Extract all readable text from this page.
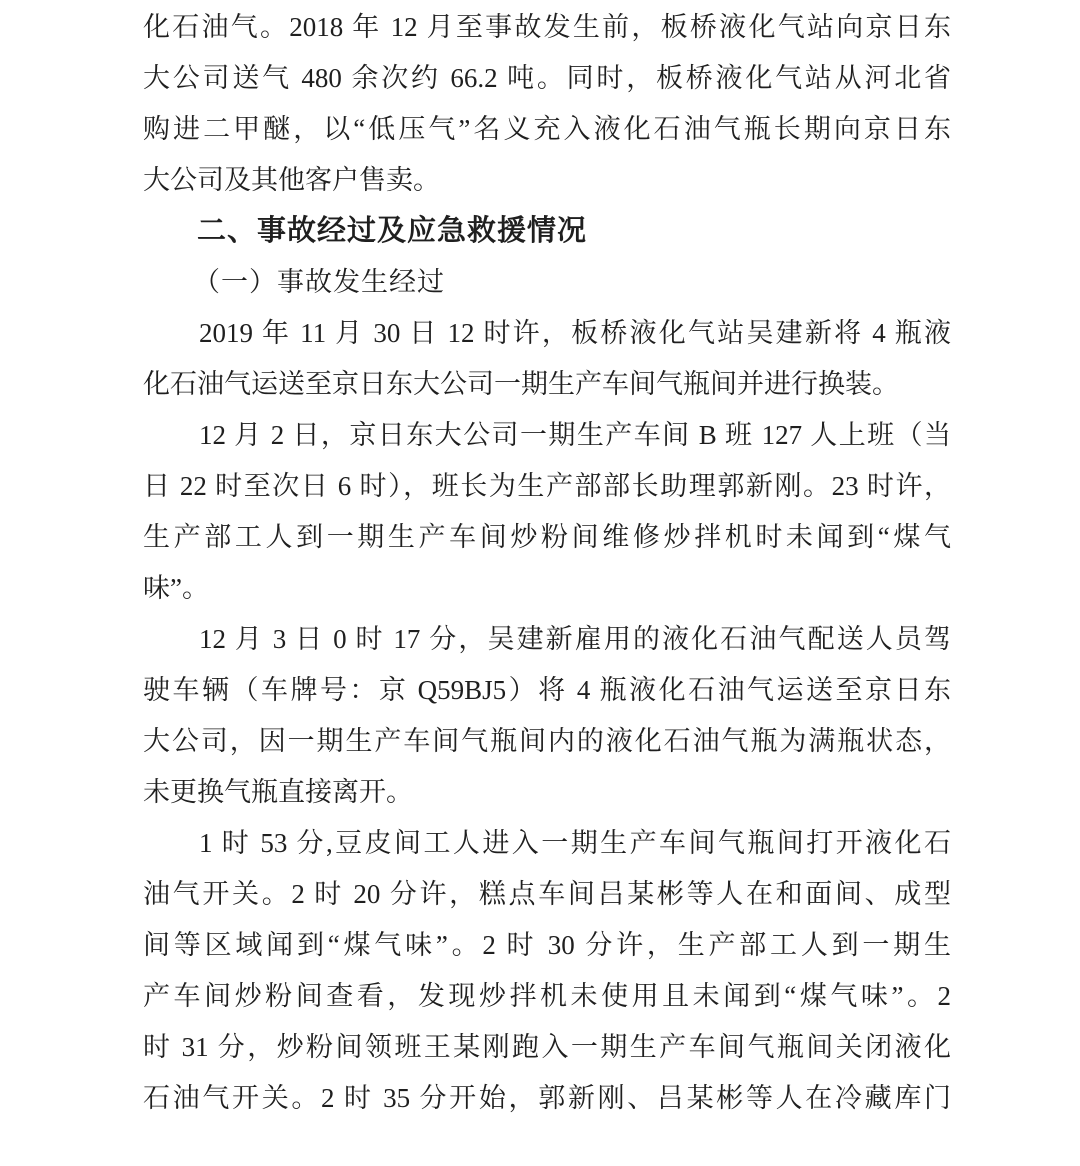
化石油气。2018 年 12 月至事故发生前，板桥液化气站向京日东
大公司送气 480 余次约 66.2 吨。同时，板桥液化气站从河北省
购进二甲醚，以“低压气”名义充入液化石油气瓶长期向京日东
大公司及其他客户售卖。
二、事故经过及应急救援情况
（一）事故发生经过
2019 年 11 月 30 日 12 时许，板桥液化气站吴建新将 4 瓶液
化石油气运送至京日东大公司一期生产车间气瓶间并进行换装。
12 月 2 日，京日东大公司一期生产车间 B 班 127 人上班（当
日 22 时至次日 6 时），班长为生产部部长助理郭新刚。23 时许，
生产部工人到一期生产车间炒粉间维修炒拌机时未闻到“煤气
味”。
12 月 3 日 0 时 17 分，吴建新雇用的液化石油气配送人员驾
驶车辆（车牌号：京 Q59BJ5）将 4 瓶液化石油气运送至京日东
大公司，因一期生产车间气瓶间内的液化石油气瓶为满瓶状态，
未更换气瓶直接离开。
1 时 53 分,豆皮间工人进入一期生产车间气瓶间打开液化石
油气开关。2 时 20 分许，糕点车间吕某彬等人在和面间、成型
间等区域闻到“煤气味”。2 时 30 分许，生产部工人到一期生
产车间炒粉间查看，发现炒拌机未使用且未闻到“煤气味”。2
时 31 分，炒粉间领班王某刚跑入一期生产车间气瓶间关闭液化
石油气开关。2 时 35 分开始，郭新刚、吕某彬等人在冷藏库门
